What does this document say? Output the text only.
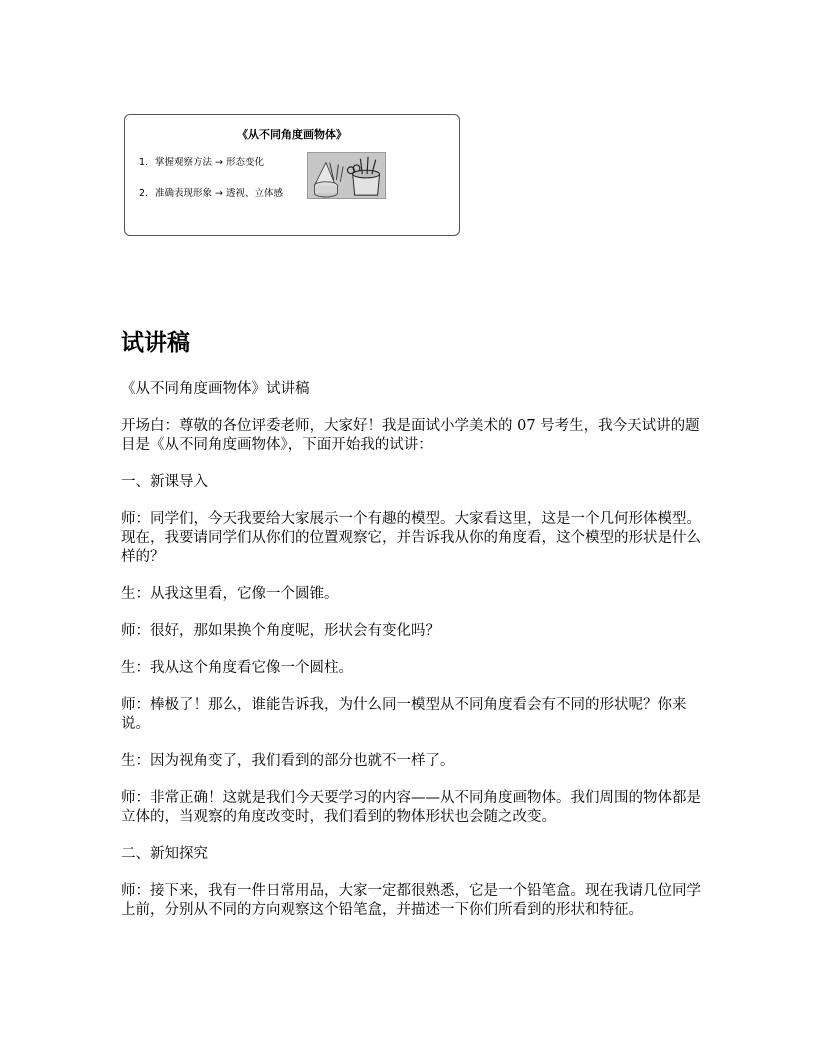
《从不同角度画物体》
1. 掌握观察方法 → 形态变化
2. 准确表现形象 → 透视、立体感
试讲稿

《从不同角度画物体》试讲稿

开场白：尊敬的各位评委老师，大家好！我是面试小学美术的 07 号考生，我今天试讲的题目是《从不同角度画物体》，下面开始我的试讲：

一、新课导入

师：同学们，今天我要给大家展示一个有趣的模型。大家看这里，这是一个几何形体模型。现在，我要请同学们从你们的位置观察它，并告诉我从你的角度看，这个模型的形状是什么样的？

生：从我这里看，它像一个圆锥。

师：很好，那如果换个角度呢，形状会有变化吗？

生：我从这个角度看它像一个圆柱。

师：棒极了！那么，谁能告诉我，为什么同一模型从不同角度看会有不同的形状呢？你来说。

生：因为视角变了，我们看到的部分也就不一样了。

师：非常正确！这就是我们今天要学习的内容——从不同角度画物体。我们周围的物体都是立体的，当观察的角度改变时，我们看到的物体形状也会随之改变。

二、新知探究

师：接下来，我有一件日常用品，大家一定都很熟悉，它是一个铅笔盒。现在我请几位同学上前，分别从不同的方向观察这个铅笔盒，并描述一下你们所看到的形状和特征。
